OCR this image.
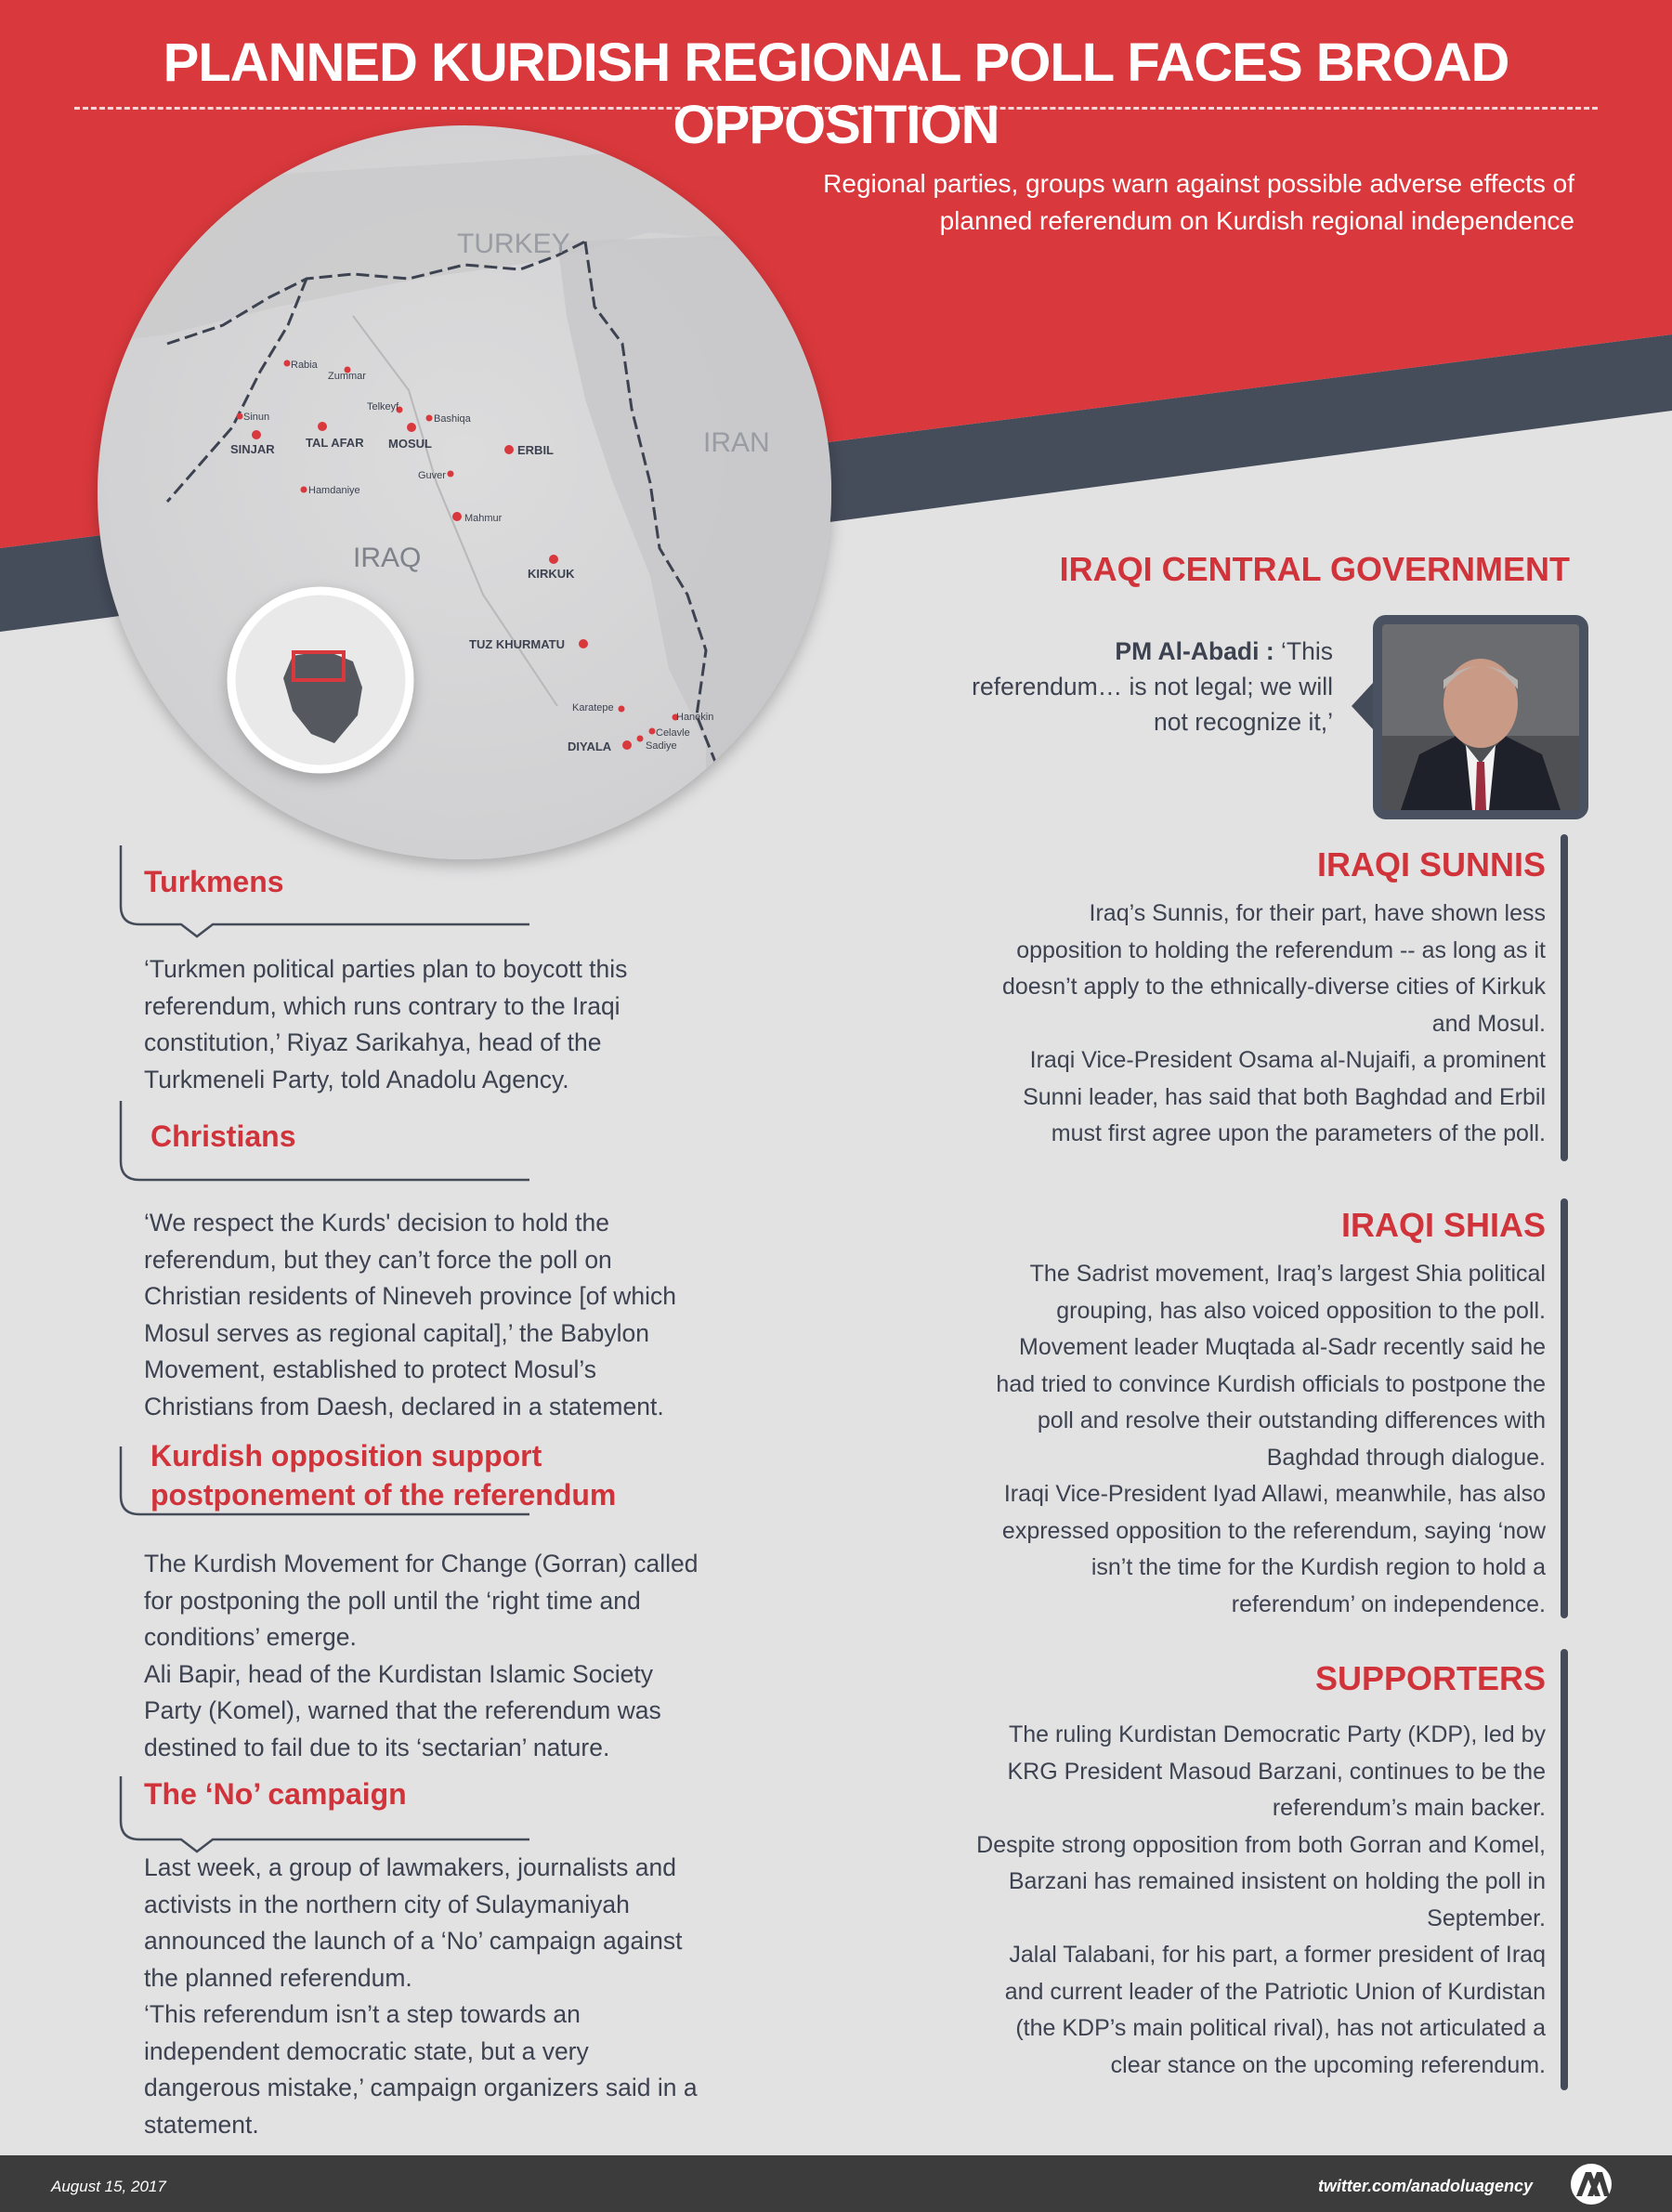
TURKEY
IRAN
IRAQ
Rabia
Zummar
Sinun
SINJAR	TAL AFAR
Telkeyf
Bashiqa
MOSUL	ERBIL
Guver
Hamdaniye
Mahmur
KIRKUK
TUZ KHURMATU
Karatepe
Hanekin
Celavle
Sadiye
DIYALA
PLANNED KURDISH REGIONAL POLL FACES BROAD OPPOSITION
Regional parties, groups warn against possible adverse effects of planned referendum on Kurdish regional independence
IRAQI CENTRAL GOVERNMENT
PM Al-Abadi : ‘This referendum… is not legal; we will not recognize it,’
IRAQI SUNNIS
Iraq’s Sunnis, for their part, have shown less
opposition to holding the referendum -- as long as it
doesn’t apply to the ethnically-diverse cities of Kirkuk
and Mosul.
Iraqi Vice-President Osama al-Nujaifi, a prominent
Sunni leader, has said that both Baghdad and Erbil
must first agree upon the parameters of the poll.
IRAQI SHIAS
The Sadrist movement, Iraq’s largest Shia political
grouping, has also voiced opposition to the poll.
Movement leader Muqtada al-Sadr recently said he
had tried to convince Kurdish officials to postpone the
poll and resolve their outstanding differences with
Baghdad through dialogue.
Iraqi Vice-President Iyad Allawi, meanwhile, has also
expressed opposition to the referendum, saying ‘now
isn’t the time for the Kurdish region to hold a
referendum’ on independence.
SUPPORTERS
The ruling Kurdistan Democratic Party (KDP), led by
KRG President Masoud Barzani, continues to be the
referendum’s main backer.
Despite strong opposition from both Gorran and Komel,
Barzani has remained insistent on holding the poll in
September.
Jalal Talabani, for his part, a former president of Iraq
and current leader of the Patriotic Union of Kurdistan
(the KDP’s main political rival), has not articulated a
clear stance on the upcoming referendum.
Turkmens
‘Turkmen political parties plan to boycott this
referendum, which runs contrary to the Iraqi
constitution,’ Riyaz Sarikahya, head of the
Turkmeneli Party, told Anadolu Agency.
Christians
‘We respect the Kurds' decision to hold the
referendum, but they can’t force the poll on
Christian residents of Nineveh province [of which
Mosul serves as regional capital],’ the Babylon
Movement, established to protect Mosul’s
Christians from Daesh, declared in a statement.
Kurdish opposition support
postponement of the referendum
The Kurdish Movement for Change (Gorran) called
for postponing the poll until the ‘right time and
conditions’ emerge.
Ali Bapir, head of the Kurdistan Islamic Society
Party (Komel), warned that the referendum was
destined to fail due to its ‘sectarian’ nature.
The ‘No’ campaign
Last week, a group of lawmakers, journalists and
activists in the northern city of Sulaymaniyah
announced the launch of a ‘No’ campaign against
the planned referendum.
‘This referendum isn’t a step towards an
independent democratic state, but a very
dangerous mistake,’ campaign organizers said in a
statement.
August 15, 2017	twitter.com/anadoluagency
